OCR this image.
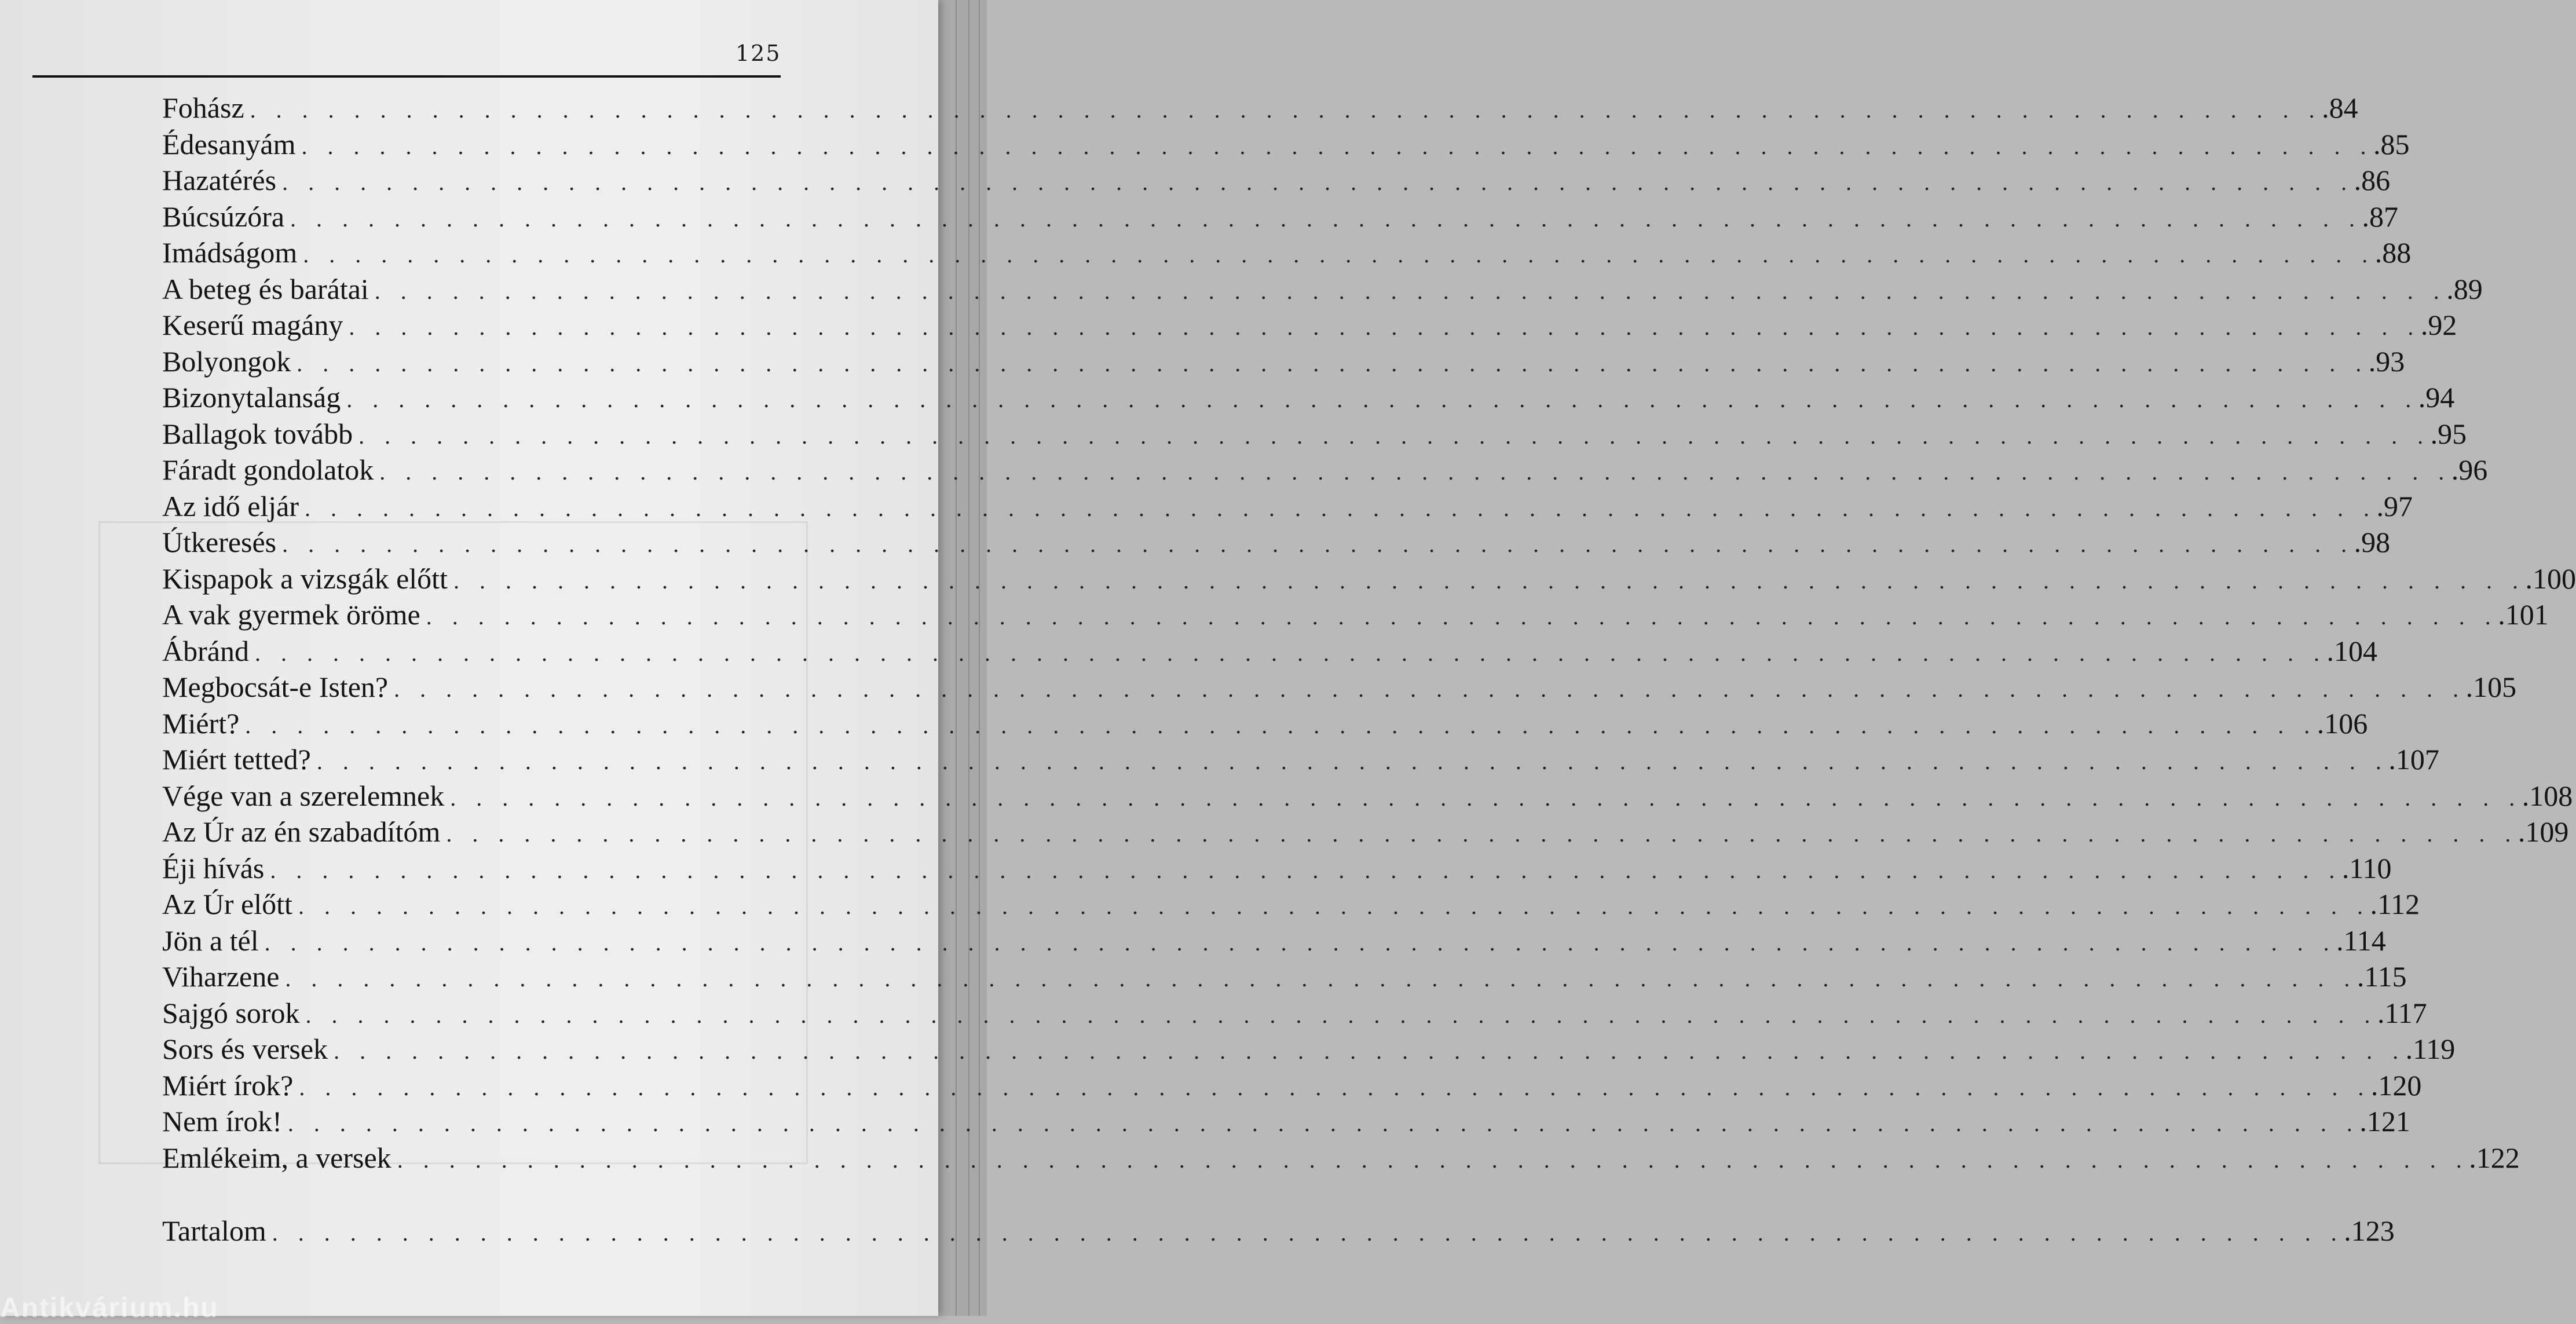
125
Fohász . . . . . . . . . . . . . . . . . . . . . . . . . . . . . . . . . . . . . . . . . . . . . . . . . . . . . . . . . . . . . . . . . . . . . . . . . . . . . . . . . 84
Édesanyám . . . . . . . . . . . . . . . . . . . . . . . . . . . . . . . . . . . . . . . . . . . . . . . . . . . . . . . . . . . . . . . . . . . . . . . . . . . . . . . . . 85
Hazatérés . . . . . . . . . . . . . . . . . . . . . . . . . . . . . . . . . . . . . . . . . . . . . . . . . . . . . . . . . . . . . . . . . . . . . . . . . . . . . . . . . 86
Búcsúzóra . . . . . . . . . . . . . . . . . . . . . . . . . . . . . . . . . . . . . . . . . . . . . . . . . . . . . . . . . . . . . . . . . . . . . . . . . . . . . . . . . 87
Imádságom . . . . . . . . . . . . . . . . . . . . . . . . . . . . . . . . . . . . . . . . . . . . . . . . . . . . . . . . . . . . . . . . . . . . . . . . . . . . . . . . . 88
A beteg és barátai . . . . . . . . . . . . . . . . . . . . . . . . . . . . . . . . . . . . . . . . . . . . . . . . . . . . . . . . . . . . . . . . . . . . . . . . . . . . . . . . . 89
Keserű magány . . . . . . . . . . . . . . . . . . . . . . . . . . . . . . . . . . . . . . . . . . . . . . . . . . . . . . . . . . . . . . . . . . . . . . . . . . . . . . . . . 92
Bolyongok . . . . . . . . . . . . . . . . . . . . . . . . . . . . . . . . . . . . . . . . . . . . . . . . . . . . . . . . . . . . . . . . . . . . . . . . . . . . . . . . . 93
Bizonytalanság . . . . . . . . . . . . . . . . . . . . . . . . . . . . . . . . . . . . . . . . . . . . . . . . . . . . . . . . . . . . . . . . . . . . . . . . . . . . . . . . . 94
Ballagok tovább . . . . . . . . . . . . . . . . . . . . . . . . . . . . . . . . . . . . . . . . . . . . . . . . . . . . . . . . . . . . . . . . . . . . . . . . . . . . . . . . . 95
Fáradt gondolatok . . . . . . . . . . . . . . . . . . . . . . . . . . . . . . . . . . . . . . . . . . . . . . . . . . . . . . . . . . . . . . . . . . . . . . . . . . . . . . . . . 96
Az idő eljár . . . . . . . . . . . . . . . . . . . . . . . . . . . . . . . . . . . . . . . . . . . . . . . . . . . . . . . . . . . . . . . . . . . . . . . . . . . . . . . . . 97
Útkeresés . . . . . . . . . . . . . . . . . . . . . . . . . . . . . . . . . . . . . . . . . . . . . . . . . . . . . . . . . . . . . . . . . . . . . . . . . . . . . . . . . 98
Kispapok a vizsgák előtt . . . . . . . . . . . . . . . . . . . . . . . . . . . . . . . . . . . . . . . . . . . . . . . . . . . . . . . . . . . . . . . . . . . . . . . . . . . . . . . . . 100
A vak gyermek öröme . . . . . . . . . . . . . . . . . . . . . . . . . . . . . . . . . . . . . . . . . . . . . . . . . . . . . . . . . . . . . . . . . . . . . . . . . . . . . . . . . 101
Ábránd . . . . . . . . . . . . . . . . . . . . . . . . . . . . . . . . . . . . . . . . . . . . . . . . . . . . . . . . . . . . . . . . . . . . . . . . . . . . . . . . . 104
Megbocsát-e Isten? . . . . . . . . . . . . . . . . . . . . . . . . . . . . . . . . . . . . . . . . . . . . . . . . . . . . . . . . . . . . . . . . . . . . . . . . . . . . . . . . . 105
Miért? . . . . . . . . . . . . . . . . . . . . . . . . . . . . . . . . . . . . . . . . . . . . . . . . . . . . . . . . . . . . . . . . . . . . . . . . . . . . . . . . . 106
Miért tetted? . . . . . . . . . . . . . . . . . . . . . . . . . . . . . . . . . . . . . . . . . . . . . . . . . . . . . . . . . . . . . . . . . . . . . . . . . . . . . . . . . 107
Vége van a szerelemnek . . . . . . . . . . . . . . . . . . . . . . . . . . . . . . . . . . . . . . . . . . . . . . . . . . . . . . . . . . . . . . . . . . . . . . . . . . . . . . . . . 108
Az Úr az én szabadítóm . . . . . . . . . . . . . . . . . . . . . . . . . . . . . . . . . . . . . . . . . . . . . . . . . . . . . . . . . . . . . . . . . . . . . . . . . . . . . . . . . 109
Éji hívás . . . . . . . . . . . . . . . . . . . . . . . . . . . . . . . . . . . . . . . . . . . . . . . . . . . . . . . . . . . . . . . . . . . . . . . . . . . . . . . . . 110
Az Úr előtt . . . . . . . . . . . . . . . . . . . . . . . . . . . . . . . . . . . . . . . . . . . . . . . . . . . . . . . . . . . . . . . . . . . . . . . . . . . . . . . . . 112
Jön a tél . . . . . . . . . . . . . . . . . . . . . . . . . . . . . . . . . . . . . . . . . . . . . . . . . . . . . . . . . . . . . . . . . . . . . . . . . . . . . . . . . 114
Viharzene . . . . . . . . . . . . . . . . . . . . . . . . . . . . . . . . . . . . . . . . . . . . . . . . . . . . . . . . . . . . . . . . . . . . . . . . . . . . . . . . . 115
Sajgó sorok . . . . . . . . . . . . . . . . . . . . . . . . . . . . . . . . . . . . . . . . . . . . . . . . . . . . . . . . . . . . . . . . . . . . . . . . . . . . . . . . . 117
Sors és versek . . . . . . . . . . . . . . . . . . . . . . . . . . . . . . . . . . . . . . . . . . . . . . . . . . . . . . . . . . . . . . . . . . . . . . . . . . . . . . . . . 119
Miért írok? . . . . . . . . . . . . . . . . . . . . . . . . . . . . . . . . . . . . . . . . . . . . . . . . . . . . . . . . . . . . . . . . . . . . . . . . . . . . . . . . . 120
Nem írok! . . . . . . . . . . . . . . . . . . . . . . . . . . . . . . . . . . . . . . . . . . . . . . . . . . . . . . . . . . . . . . . . . . . . . . . . . . . . . . . . . 121
Emlékeim, a versek . . . . . . . . . . . . . . . . . . . . . . . . . . . . . . . . . . . . . . . . . . . . . . . . . . . . . . . . . . . . . . . . . . . . . . . . . . . . . . . . . 122
Tartalom . . . . . . . . . . . . . . . . . . . . . . . . . . . . . . . . . . . . . . . . . . . . . . . . . . . . . . . . . . . . . . . . . . . . . . . . . . . . . . . . . 123
Antikvárium.hu
